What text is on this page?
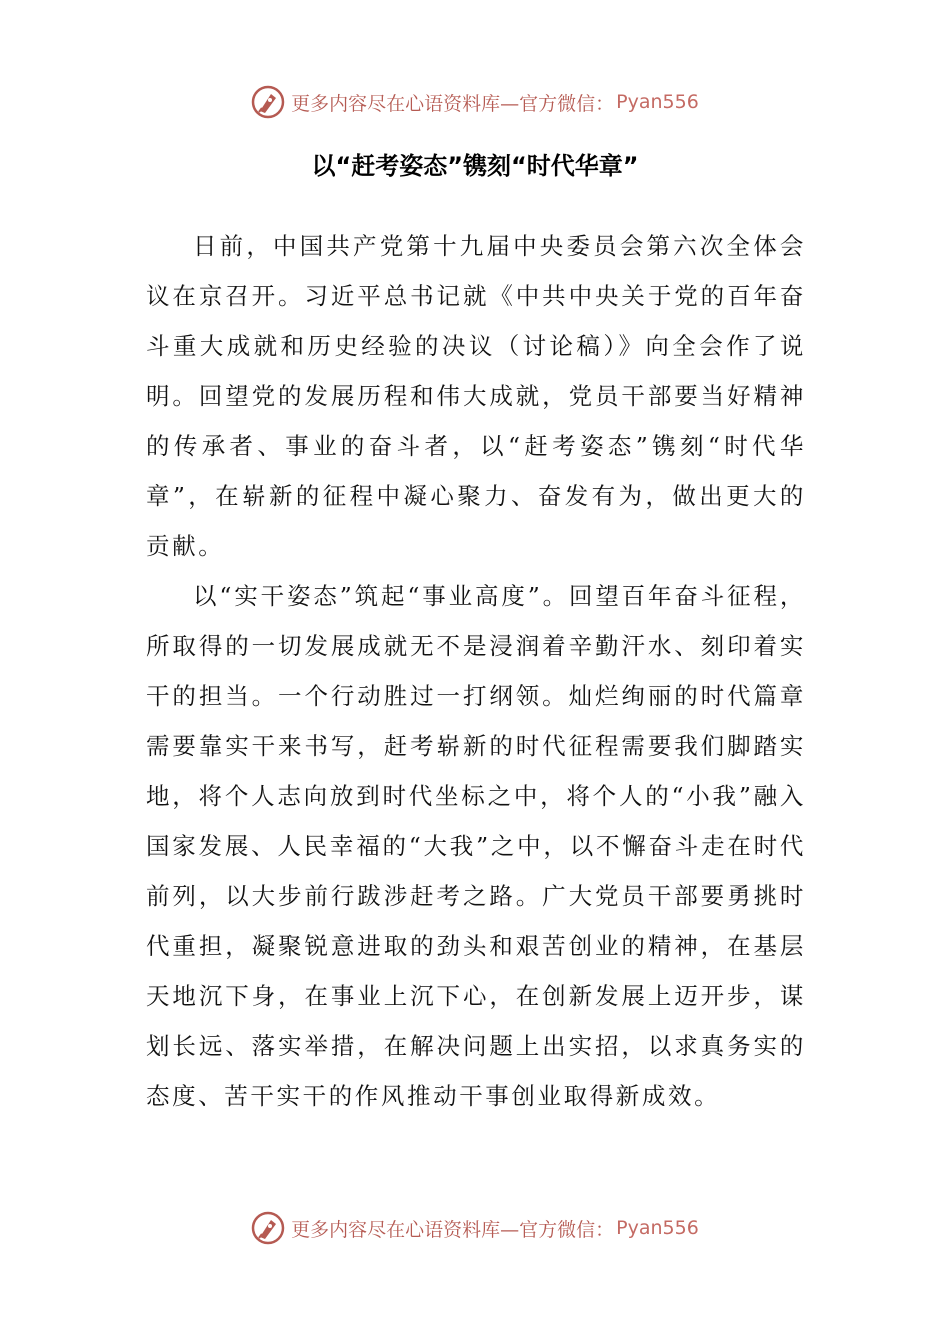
更多内容尽在心语资料库—官方微信： Pyan556
以“赶考姿态”镌刻“时代华章”

日前，中国共产党第十九届中央委员会第六次全体会议在京召开。习近平总书记就《中共中央关于党的百年奋斗重大成就和历史经验的决议（讨论稿）》向全会作了说明。回望党的发展历程和伟大成就，党员干部要当好精神的传承者、事业的奋斗者，以“赶考姿态”镌刻“时代华章”，在崭新的征程中凝心聚力、奋发有为，做出更大的贡献。

以“实干姿态”筑起“事业高度”。回望百年奋斗征程，所取得的一切发展成就无不是浸润着辛勤汗水、刻印着实干的担当。一个行动胜过一打纲领。灿烂绚丽的时代篇章需要靠实干来书写，赶考崭新的时代征程需要我们脚踏实地，将个人志向放到时代坐标之中，将个人的“小我”融入国家发展、人民幸福的“大我”之中，以不懈奋斗走在时代前列，以大步前行跋涉赶考之路。广大党员干部要勇挑时代重担，凝聚锐意进取的劲头和艰苦创业的精神，在基层天地沉下身，在事业上沉下心，在创新发展上迈开步，谋划长远、落实举措，在解决问题上出实招，以求真务实的态度、苦干实干的作风推动干事创业取得新成效。

更多内容尽在心语资料库—官方微信： Pyan556
